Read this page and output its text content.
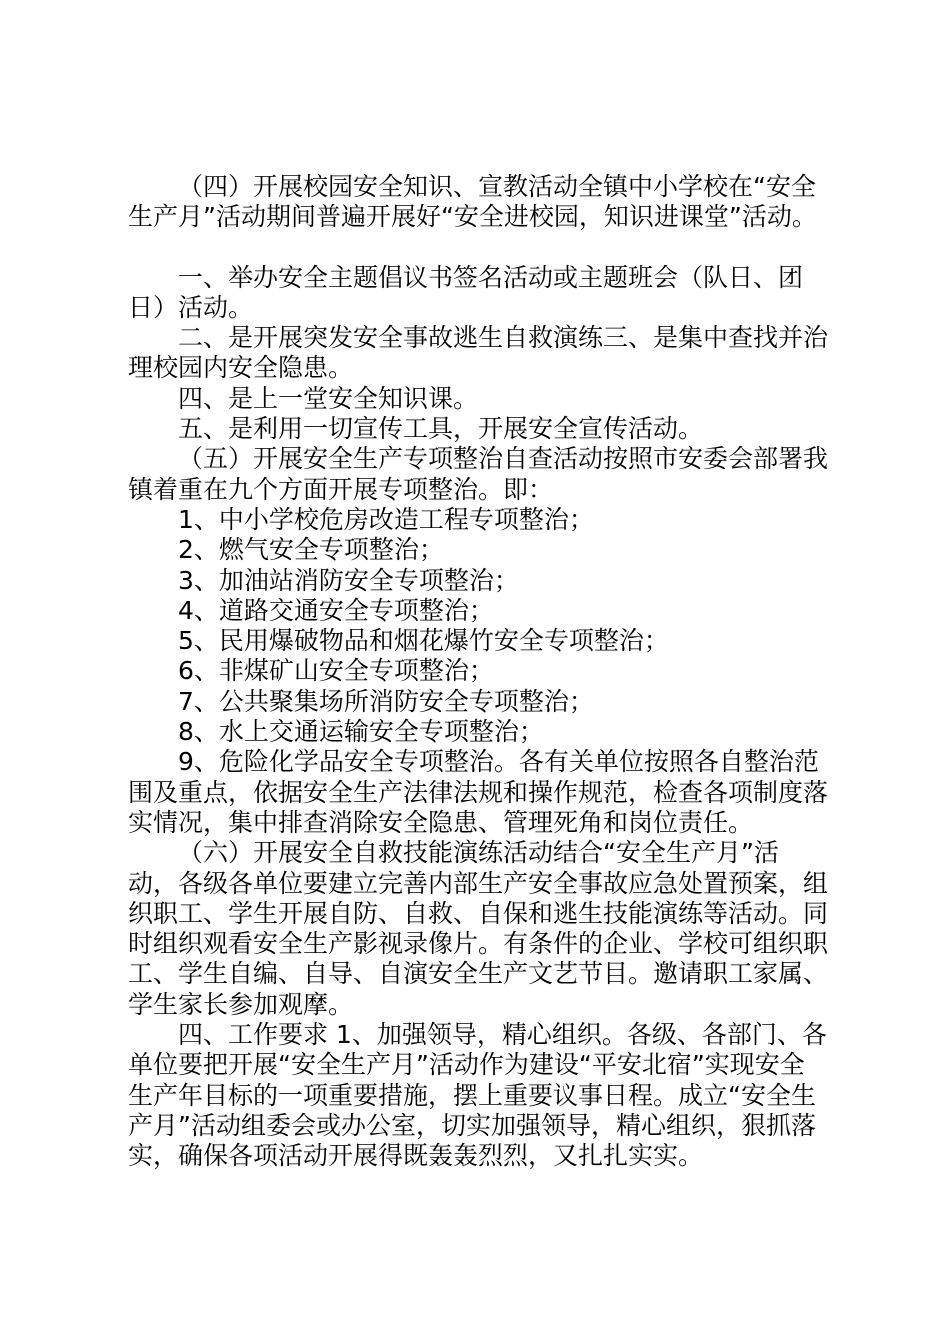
（四）开展校园安全知识、宣教活动全镇中小学校在“安全生产月”活动期间普遍开展好“安全进校园，知识进课堂”活动。

一、举办安全主题倡议书签名活动或主题班会（队日、团日）活动。

二、是开展突发安全事故逃生自救演练三、是集中查找并治理校园内安全隐患。

四、是上一堂安全知识课。

五、是利用一切宣传工具，开展安全宣传活动。

（五）开展安全生产专项整治自查活动按照市安委会部署我镇着重在九个方面开展专项整治。即：

1、中小学校危房改造工程专项整治；

2、燃气安全专项整治；

3、加油站消防安全专项整治；

4、道路交通安全专项整治；

5、民用爆破物品和烟花爆竹安全专项整治；

6、非煤矿山安全专项整治；

7、公共聚集场所消防安全专项整治；

8、水上交通运输安全专项整治；

9、危险化学品安全专项整治。各有关单位按照各自整治范围及重点，依据安全生产法律法规和操作规范，检查各项制度落实情况，集中排查消除安全隐患、管理死角和岗位责任。

（六）开展安全自救技能演练活动结合“安全生产月”活动，各级各单位要建立完善内部生产安全事故应急处置预案，组织职工、学生开展自防、自救、自保和逃生技能演练等活动。同时组织观看安全生产影视录像片。有条件的企业、学校可组织职工、学生自编、自导、自演安全生产文艺节目。邀请职工家属、学生家长参加观摩。

四、工作要求 1、加强领导，精心组织。各级、各部门、各单位要把开展“安全生产月”活动作为建设“平安北宿”实现安全生产年目标的一项重要措施，摆上重要议事日程。成立“安全生产月”活动组委会或办公室，切实加强领导，精心组织，狠抓落实，确保各项活动开展得既轰轰烈烈，又扎扎实实。
